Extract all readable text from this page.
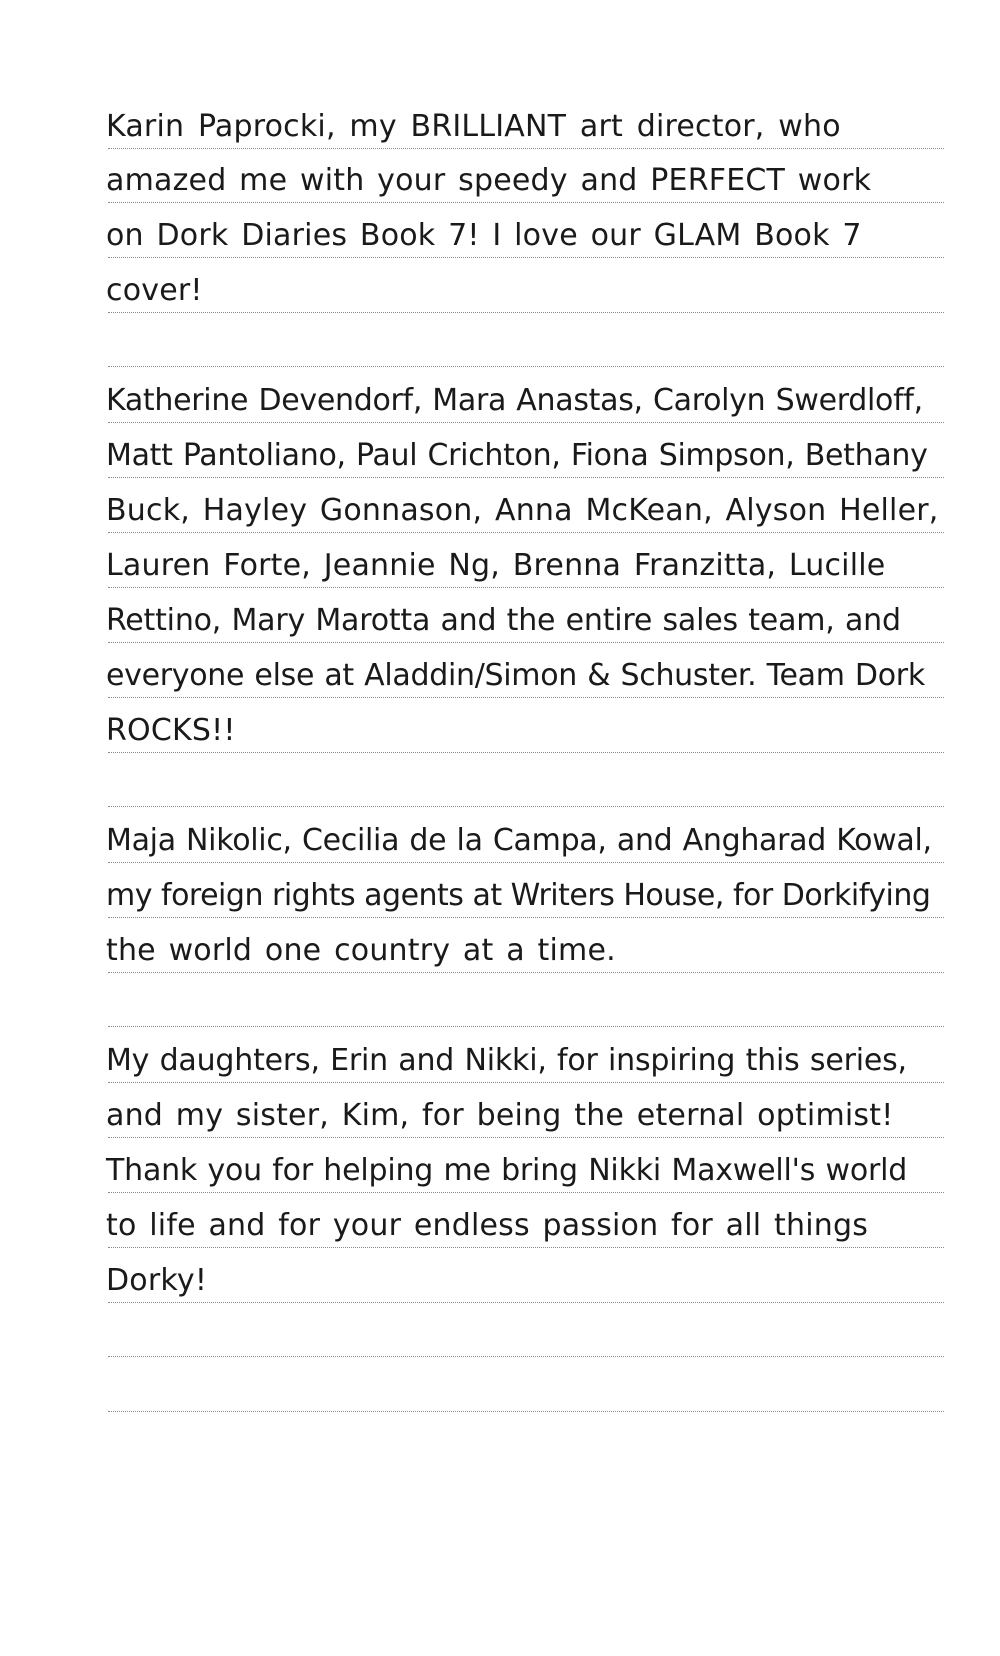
Karin Paprocki, my BRILLIANT art director, who
amazed me with your speedy and PERFECT work
on Dork Diaries Book 7! I love our GLAM Book 7
cover!
Katherine Devendorf, Mara Anastas, Carolyn Swerdloff,
Matt Pantoliano, Paul Crichton, Fiona Simpson, Bethany
Buck, Hayley Gonnason, Anna McKean, Alyson Heller,
Lauren Forte, Jeannie Ng, Brenna Franzitta, Lucille
Rettino, Mary Marotta and the entire sales team, and
everyone else at Aladdin/Simon & Schuster. Team Dork
ROCKS!!
Maja Nikolic, Cecilia de la Campa, and Angharad Kowal,
my foreign rights agents at Writers House, for Dorkifying
the world one country at a time.
My daughters, Erin and Nikki, for inspiring this series,
and my sister, Kim, for being the eternal optimist!
Thank you for helping me bring Nikki Maxwell's world
to life and for your endless passion for all things
Dorky!
